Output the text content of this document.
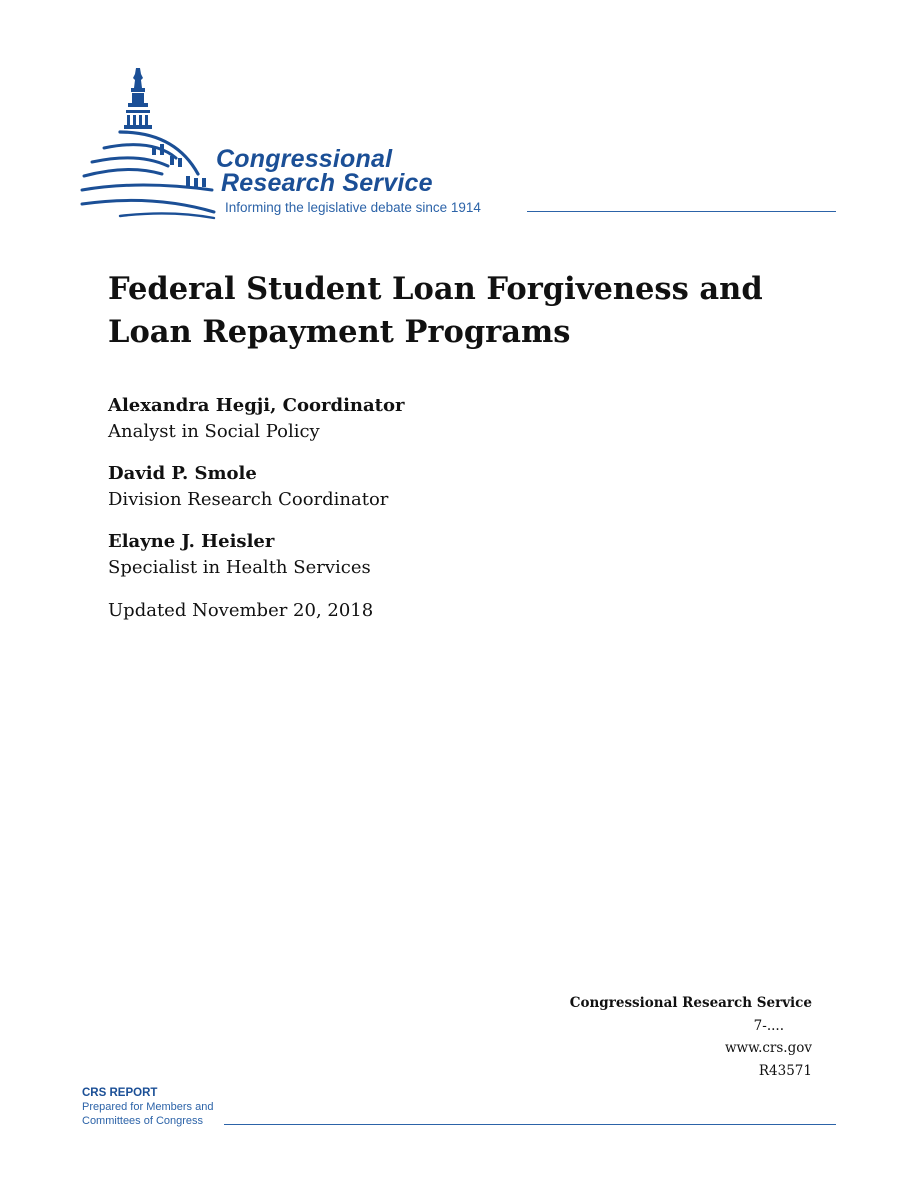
Congressional
Research Service
Informing the legislative debate since 1914
Federal Student Loan Forgiveness and Loan Repayment Programs
Alexandra Hegji, Coordinator
Analyst in Social Policy
David P. Smole
Division Research Coordinator
Elayne J. Heisler
Specialist in Health Services
Updated November 20, 2018
Congressional Research Service
7-....
www.crs.gov
R43571
CRS REPORT
Prepared for Members and
Committees of Congress
